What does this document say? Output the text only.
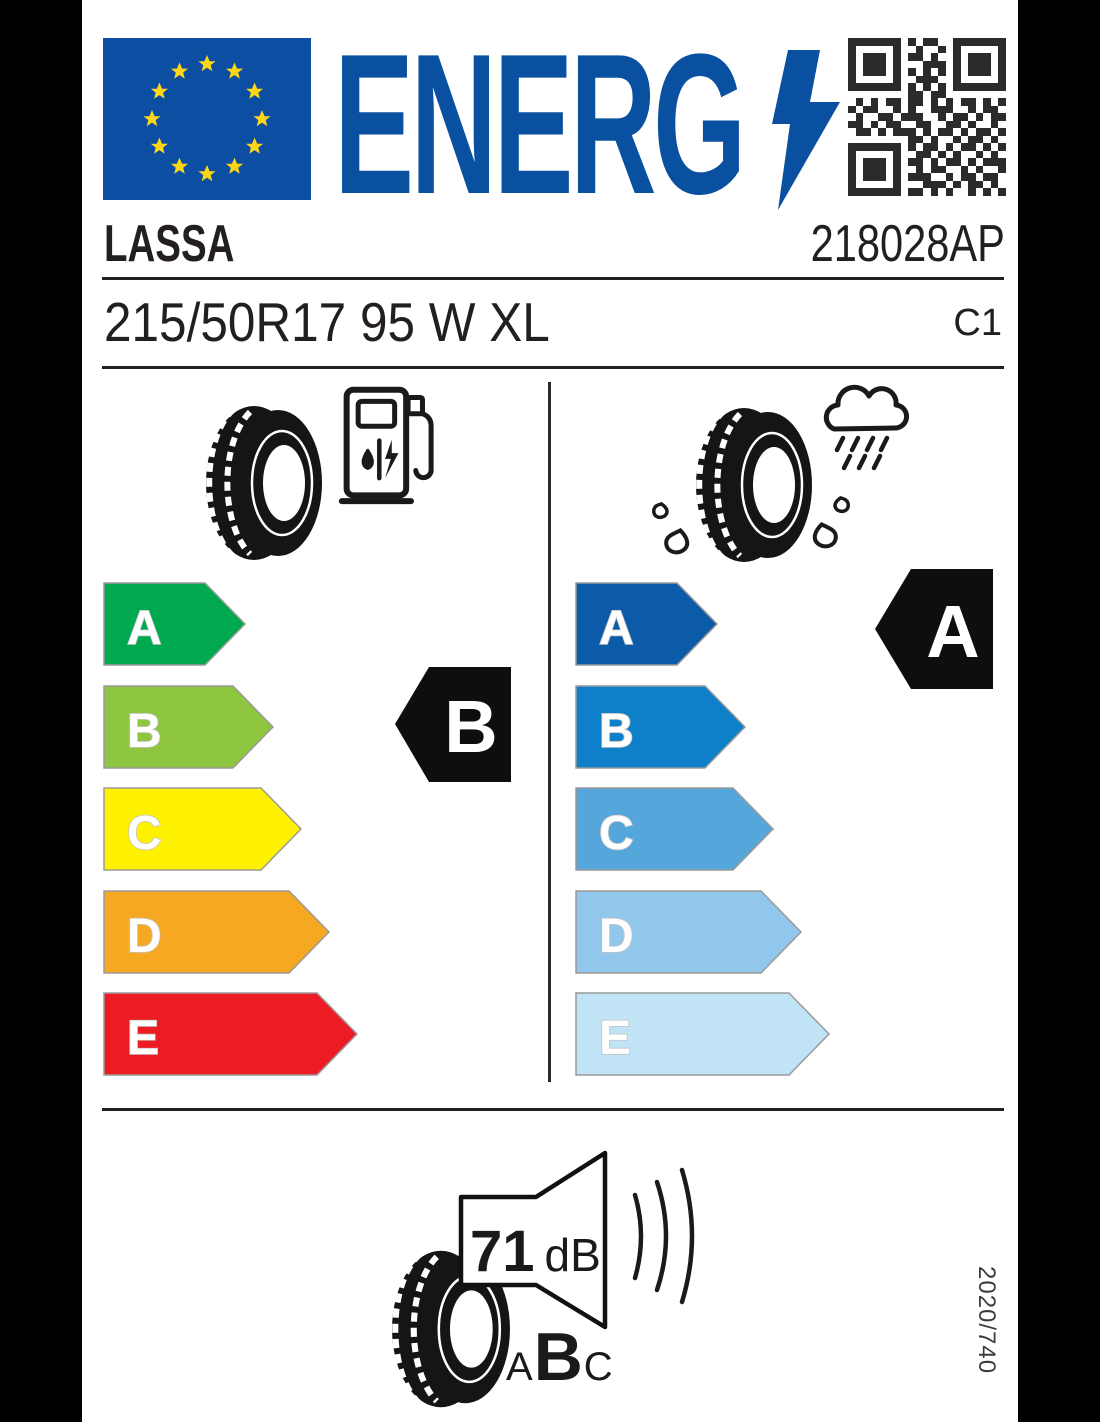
ENERG
LASSA	218028AP
215/50R17 95 W XL	C1
A
B
C
D
E
A
B
C
D
E
B
A
71 dB
A B C	2020/740
